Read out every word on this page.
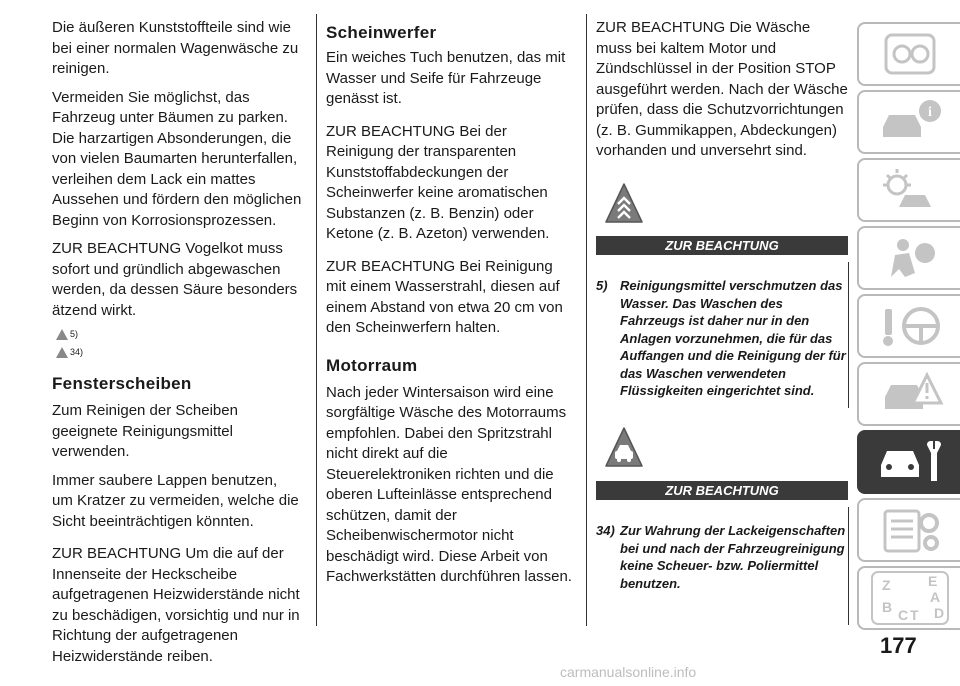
Die äußeren Kunststoffteile sind wie bei einer normalen Wagenwäsche zu reinigen.

Vermeiden Sie möglichst, das Fahrzeug unter Bäumen zu parken. Die harzartigen Absonderungen, die von vielen Baumarten herunterfallen, verleihen dem Lack ein mattes Aussehen und fördern den möglichen Beginn von Korrosionsprozessen.

ZUR BEACHTUNG Vogelkot muss sofort und gründlich abgewaschen werden, da dessen Säure besonders ätzend wirkt.

5)
34)
Fensterscheiben

Zum Reinigen der Scheiben geeignete Reinigungsmittel verwenden.

Immer saubere Lappen benutzen, um Kratzer zu vermeiden, welche die Sicht beeinträchtigen könnten.

ZUR BEACHTUNG Um die auf der Innenseite der Heckscheibe aufgetragenen Heizwiderstände nicht zu beschädigen, vorsichtig und nur in Richtung der aufgetragenen Heizwiderstände reiben.

Scheinwerfer

Ein weiches Tuch benutzen, das mit Wasser und Seife für Fahrzeuge genässt ist.

ZUR BEACHTUNG Bei der Reinigung der transparenten Kunststoffabdeckungen der Scheinwerfer keine aromatischen Substanzen (z. B. Benzin) oder Ketone (z. B. Azeton) verwenden.

ZUR BEACHTUNG Bei Reinigung mit einem Wasserstrahl, diesen auf einem Abstand von etwa 20 cm von den Scheinwerfern halten.

Motorraum

Nach jeder Wintersaison wird eine sorgfältige Wäsche des Motorraums empfohlen. Dabei den Spritzstrahl nicht direkt auf die Steuerelektroniken richten und die oberen Lufteinlässe entsprechend schützen, damit der Scheibenwischermotor nicht beschädigt wird. Diese Arbeit von Fachwerkstätten durchführen lassen.

ZUR BEACHTUNG Die Wäsche muss bei kaltem Motor und Zündschlüssel in der Position STOP ausgeführt werden. Nach der Wäsche prüfen, dass die Schutzvorrichtungen (z. B. Gummikappen, Abdeckungen) vorhanden und unversehrt sind.

ZUR BEACHTUNG
5) Reinigungsmittel verschmutzen das Wasser. Das Waschen des Fahrzeugs ist daher nur in den Anlagen vorzunehmen, die für das Auffangen und die Reinigung der für das Waschen verwendeten Flüssigkeiten eingerichtet sind.
ZUR BEACHTUNG
34) Zur Wahrung der Lackeigenschaften bei und nach der Fahrzeugreinigung keine Scheuer- bzw. Poliermittel benutzen.
i
Z	E
A
B C T D
177
carmanualsonline.info
